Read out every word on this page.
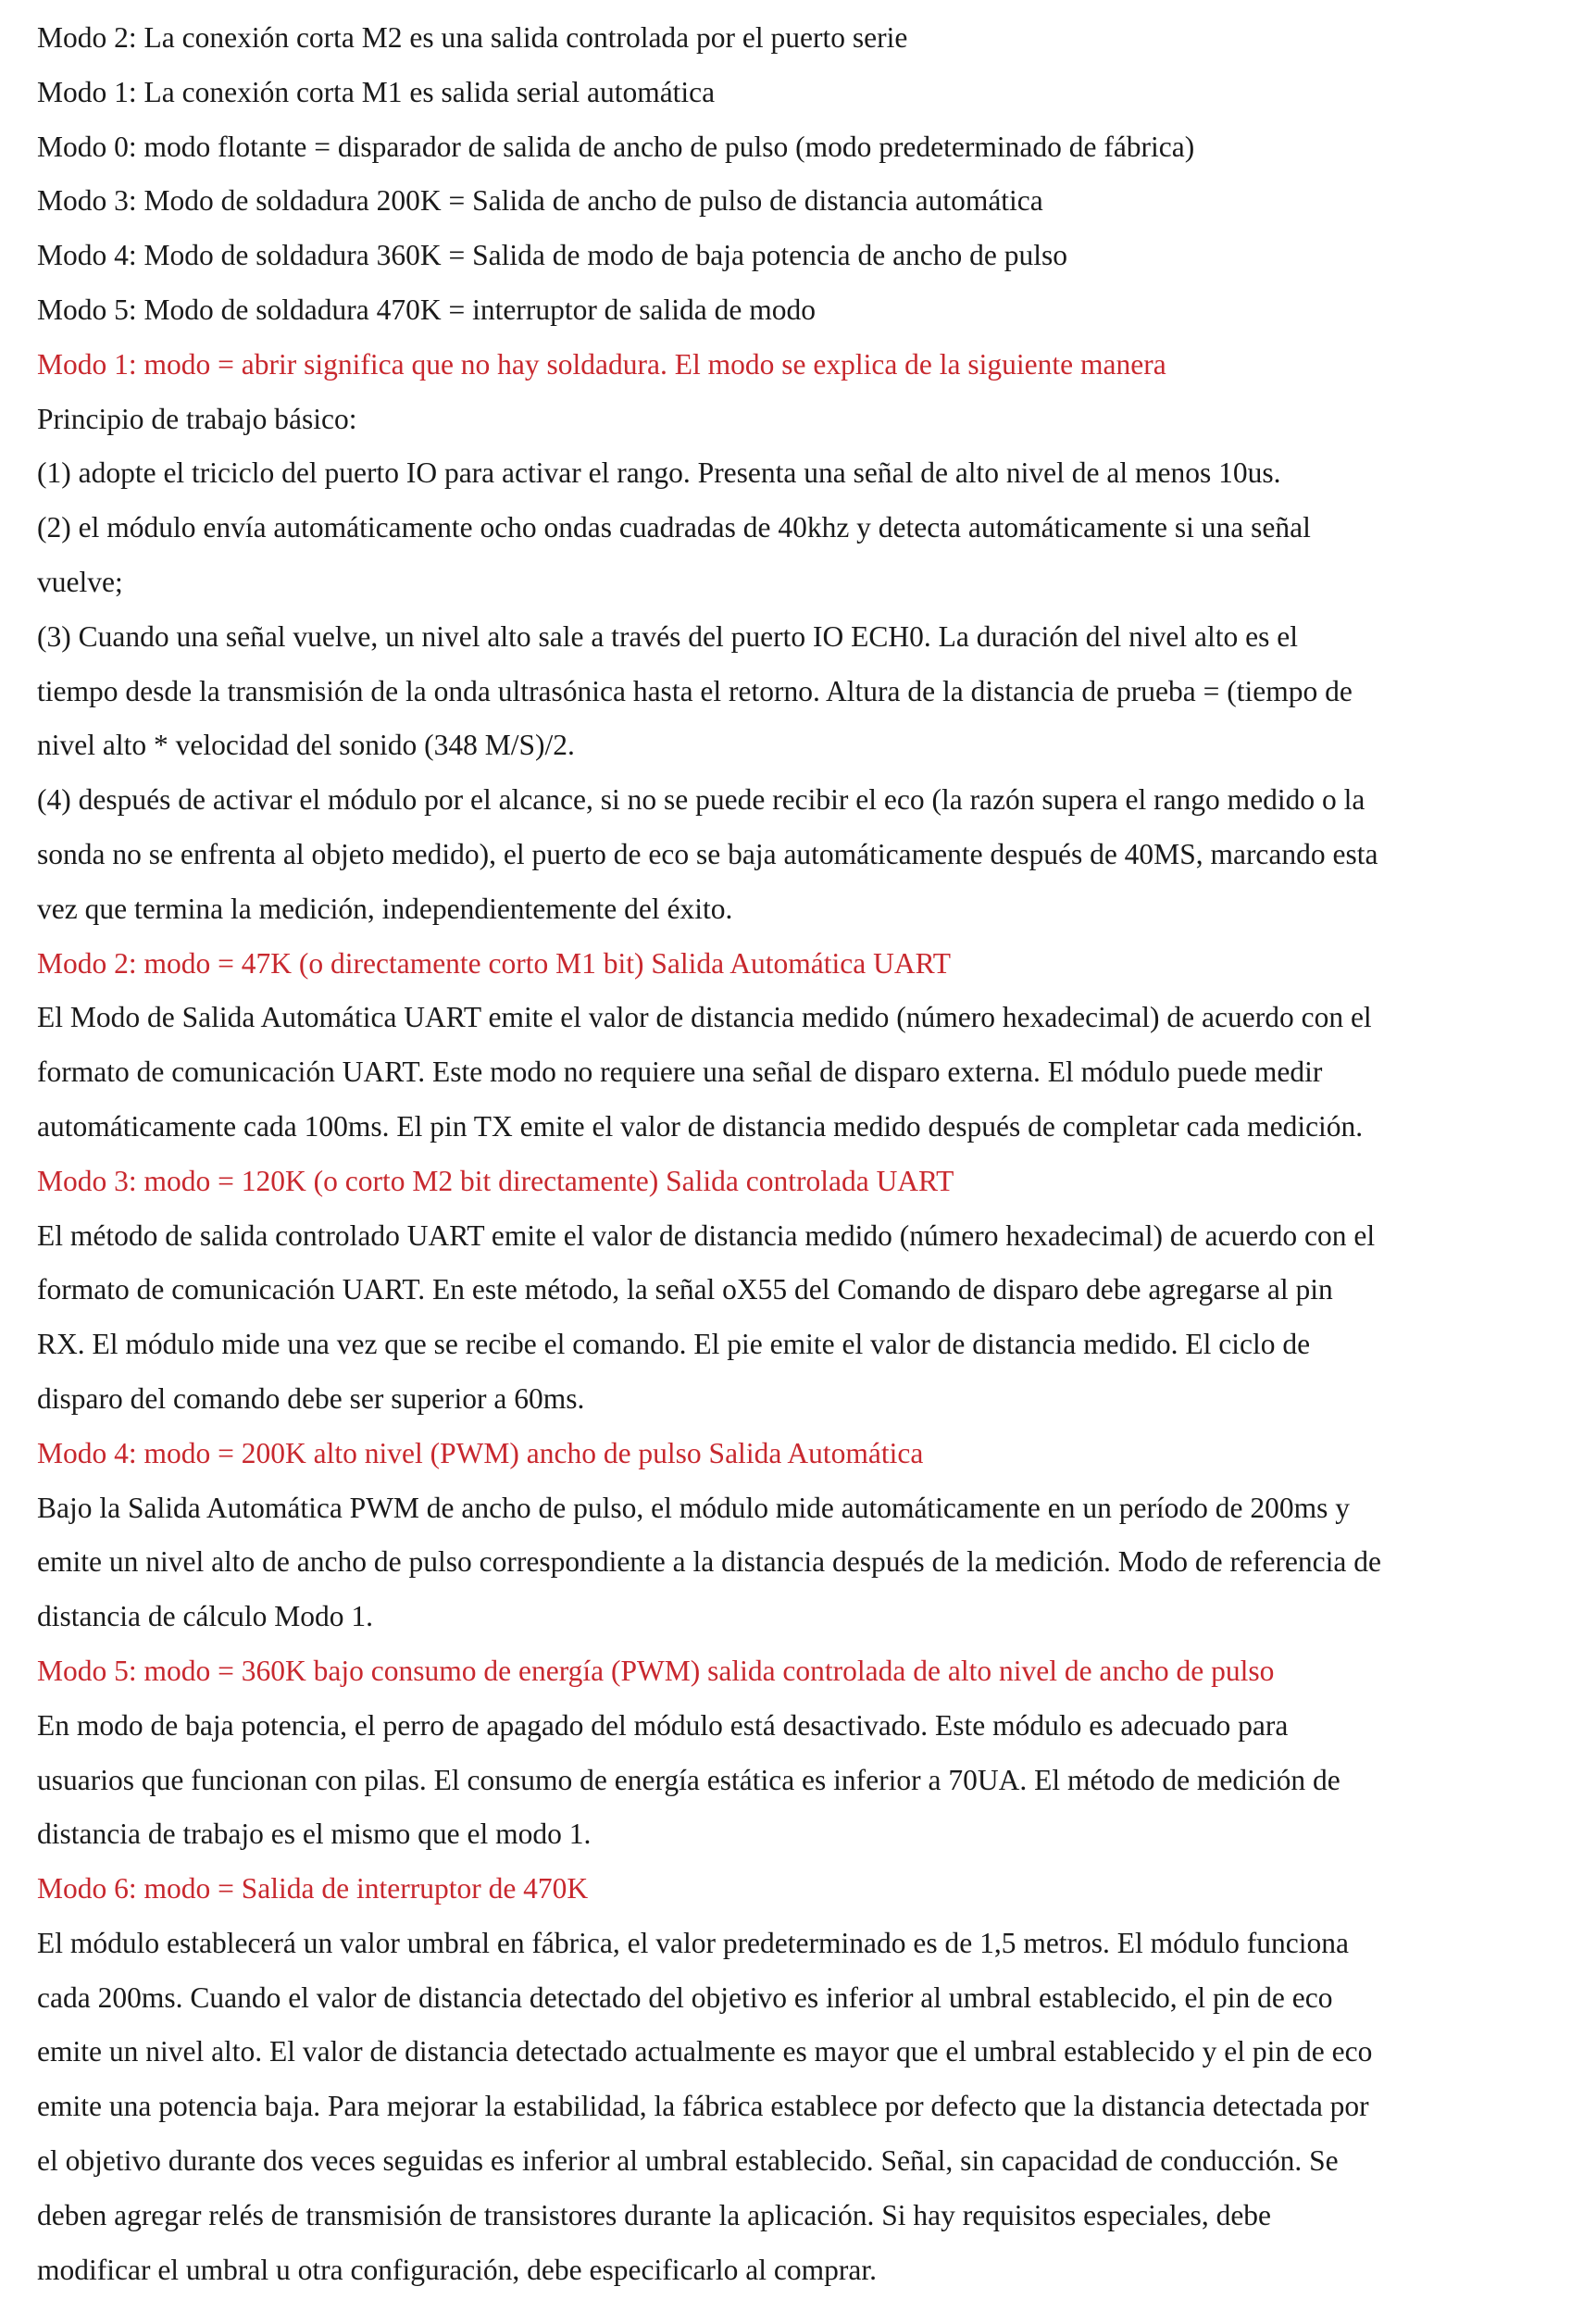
Modo 2: La conexión corta M2 es una salida controlada por el puerto serie
Modo 1: La conexión corta M1 es salida serial automática
Modo 0: modo flotante = disparador de salida de ancho de pulso (modo predeterminado de fábrica)
Modo 3: Modo de soldadura 200K = Salida de ancho de pulso de distancia automática
Modo 4: Modo de soldadura 360K = Salida de modo de baja potencia de ancho de pulso
Modo 5: Modo de soldadura 470K = interruptor de salida de modo
Modo 1: modo = abrir significa que no hay soldadura. El modo se explica de la siguiente manera
Principio de trabajo básico:
(1) adopte el triciclo del puerto IO para activar el rango. Presenta una señal de alto nivel de al menos 10us.
(2) el módulo envía automáticamente ocho ondas cuadradas de 40khz y detecta automáticamente si una señal
vuelve;
(3) Cuando una señal vuelve, un nivel alto sale a través del puerto IO ECH0. La duración del nivel alto es el
tiempo desde la transmisión de la onda ultrasónica hasta el retorno. Altura de la distancia de prueba = (tiempo de
nivel alto * velocidad del sonido (348 M/S)/2.
(4) después de activar el módulo por el alcance, si no se puede recibir el eco (la razón supera el rango medido o la
sonda no se enfrenta al objeto medido), el puerto de eco se baja automáticamente después de 40MS, marcando esta
vez que termina la medición, independientemente del éxito.
Modo 2: modo = 47K (o directamente corto M1 bit) Salida Automática UART
El Modo de Salida Automática UART emite el valor de distancia medido (número hexadecimal) de acuerdo con el
formato de comunicación UART. Este modo no requiere una señal de disparo externa. El módulo puede medir
automáticamente cada 100ms. El pin TX emite el valor de distancia medido después de completar cada medición.
Modo 3: modo = 120K (o corto M2 bit directamente) Salida controlada UART
El método de salida controlado UART emite el valor de distancia medido (número hexadecimal) de acuerdo con el
formato de comunicación UART. En este método, la señal oX55 del Comando de disparo debe agregarse al pin
RX. El módulo mide una vez que se recibe el comando. El pie emite el valor de distancia medido. El ciclo de
disparo del comando debe ser superior a 60ms.
Modo 4: modo = 200K alto nivel (PWM) ancho de pulso Salida Automática
Bajo la Salida Automática PWM de ancho de pulso, el módulo mide automáticamente en un período de 200ms y
emite un nivel alto de ancho de pulso correspondiente a la distancia después de la medición. Modo de referencia de
distancia de cálculo Modo 1.
Modo 5: modo = 360K bajo consumo de energía (PWM) salida controlada de alto nivel de ancho de pulso
En modo de baja potencia, el perro de apagado del módulo está desactivado. Este módulo es adecuado para
usuarios que funcionan con pilas. El consumo de energía estática es inferior a 70UA. El método de medición de
distancia de trabajo es el mismo que el modo 1.
Modo 6: modo = Salida de interruptor de 470K
El módulo establecerá un valor umbral en fábrica, el valor predeterminado es de 1,5 metros. El módulo funciona
cada 200ms. Cuando el valor de distancia detectado del objetivo es inferior al umbral establecido, el pin de eco
emite un nivel alto. El valor de distancia detectado actualmente es mayor que el umbral establecido y el pin de eco
emite una potencia baja. Para mejorar la estabilidad, la fábrica establece por defecto que la distancia detectada por
el objetivo durante dos veces seguidas es inferior al umbral establecido. Señal, sin capacidad de conducción. Se
deben agregar relés de transmisión de transistores durante la aplicación. Si hay requisitos especiales, debe
modificar el umbral u otra configuración, debe especificarlo al comprar.
